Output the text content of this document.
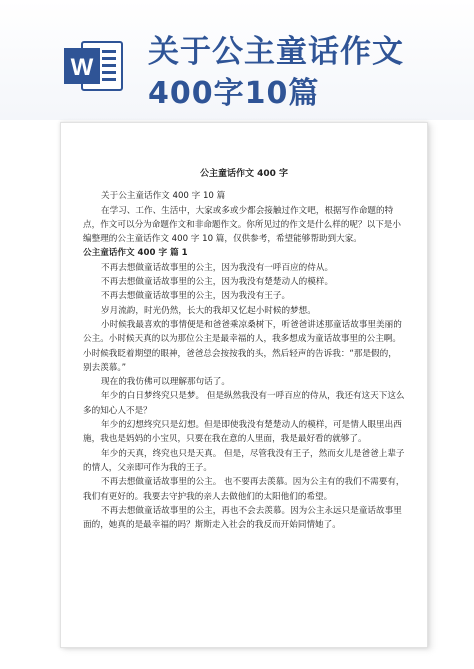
W 关于公主童话作文
400字10篇
公主童话作文 400 字

关于公主童话作文 400 字 10 篇

在学习、工作、生活中，大家或多或少都会接触过作文吧，根据写作命题的特点，作文可以分为命题作文和非命题作文。你所见过的作文是什么样的呢？以下是小编整理的公主童话作文 400 字 10 篇，仅供参考，希望能够帮助到大家。

公主童话作文 400 字 篇 1

不再去想做童话故事里的公主，因为我没有一呼百应的侍从。

不再去想做童话故事里的公主，因为我没有楚楚动人的模样。

不再去想做童话故事里的公主，因为我没有王子。

岁月流韵，时光仍然，长大的我却又忆起小时候的梦想。

小时候我最喜欢的事情便是和爸爸乘凉桑树下，听爸爸讲述那童话故事里美丽的公主。小时候天真的以为那位公主是最幸福的人，我多想成为童话故事里的公主啊。小时候我眨着期望的眼神，爸爸总会按按我的头，然后轻声的告诉我：“那是假的，别去羡慕。”

现在的我仿佛可以理解那句话了。

年少的白日梦终究只是梦。 但是纵然我没有一呼百应的侍从，我还有这天下这么多的知心人不是？

年少的幻想终究只是幻想。但是即使我没有楚楚动人的模样，可是情人眼里出西施，我也是妈妈的小宝贝，只要在我在意的人里面，我是最好看的就够了。

年少的天真，终究也只是天真。 但是，尽管我没有王子，然而女儿是爸爸上辈子的情人，父亲即可作为我的王子。

不再去想做童话故事里的公主。 也不要再去羡慕。因为公主有的我们不需要有，我们有更好的。我要去守护我的亲人去做他们的太阳他们的希望。

不再去想做童话故事里的公主，再也不会去羡慕。因为公主永远只是童话故事里面的，她真的是最幸福的吗？斯斯走入社会的我反而开始同情她了。
